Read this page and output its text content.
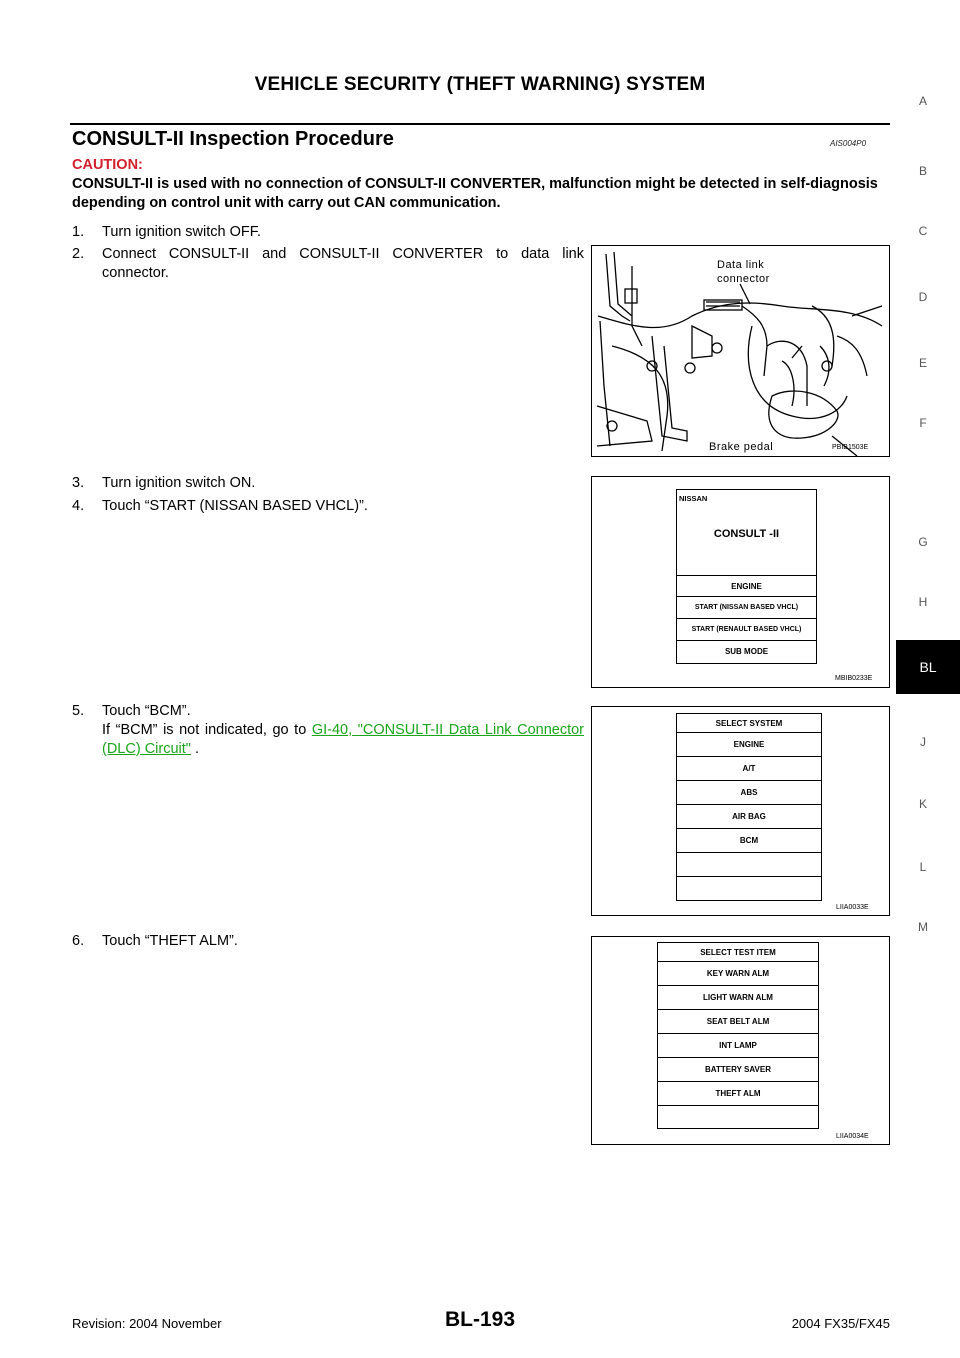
VEHICLE SECURITY (THEFT WARNING) SYSTEM
CONSULT-II Inspection Procedure	AIS004P0
CAUTION:
CONSULT-II is used with no connection of CONSULT-II CONVERTER, malfunction might be detected in self-diagnosis depending on control unit with carry out CAN communication.
1. Turn ignition switch OFF.
2. Connect CONSULT-II and CONSULT-II CONVERTER to data link connector.
3. Turn ignition switch ON.
4. Touch “START (NISSAN BASED VHCL)”.
5. Touch “BCM”.
If “BCM” is not indicated, go to GI-40, "CONSULT-II Data Link Connector (DLC) Circuit" .
6. Touch “THEFT ALM”.
Data link
connector
Brake pedal	PBIB1503E
NISSAN
CONSULT -II
ENGINE
START (NISSAN BASED VHCL)
START (RENAULT BASED VHCL)
SUB MODE
MBIB0233E
SELECT SYSTEM
ENGINE
A/T
ABS
AIR BAG
BCM
LIIA0033E
SELECT TEST ITEM
KEY WARN ALM
LIGHT WARN ALM
SEAT BELT ALM
INT LAMP
BATTERY SAVER
THEFT ALM
LIIA0034E
A
B
C
D
E
F
G
H
BL
J
K
L
M
Revision: 2004 November	BL-193	2004 FX35/FX45
